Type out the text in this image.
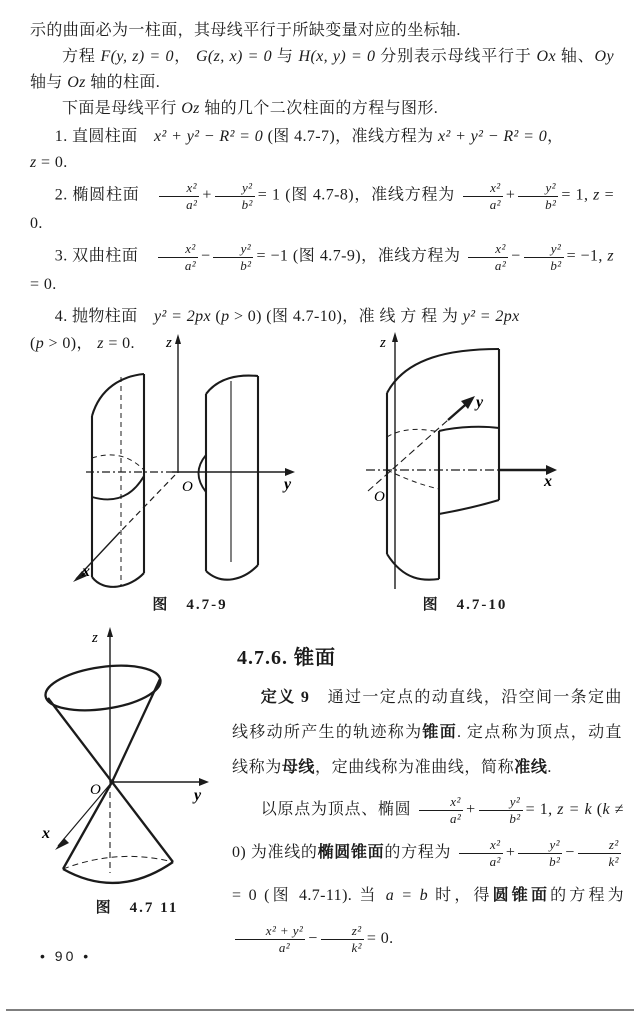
示的曲面必为一柱面，其母线平行于所缺变量对应的坐标轴.

方程 F(y, z) = 0， G(z, x) = 0 与 H(x, y) = 0 分别表示母线平行于 Ox 轴、Oy 轴与 Oz 轴的柱面.

下面是母线平行 Oz 轴的几个二次柱面的方程与图形.

1. 直圆柱面　x² + y² − R² = 0 (图 4.7-7)，准线方程为 x² + y² − R² = 0，

z = 0.

2. 椭圆柱面　 $\frac{\text{x²}}{\text{a²}} + \frac{\text{y²}}{\text{b²}} = 1$ (图 4.7-8)，准线方程为 $\frac{\text{x²}}{\text{a²}} + \frac{\text{y²}}{\text{b²}} = 1$, z = 0.

3. 双曲柱面　 $\frac{\text{x²}}{\text{a²}} - \frac{\text{y²}}{\text{b²}} = -1$ (图 4.7-9)，准线方程为 $\frac{\text{x²}}{\text{a²}} - \frac{\text{y²}}{\text{b²}} = -1$, z = 0.

4. 抛物柱面　y² = 2px (p > 0) (图 4.7-10)，准 线 方 程 为 y² = 2px

(p > 0)， z = 0.	z
y
x
O
图　4.7-9
z
x
y
O
图　4.7-10
z
y
x
O
图　4.7 11
4.7.6. 锥面
定义 9　通过一定点的动直线，沿空间一条定曲线移动所产生的轨迹称为锥面. 定点称为顶点，动直线称为母线，定曲线称为准曲线，简称准线.
以原点为顶点、椭圆 $\frac{\text{x²}}{\text{a²}} + \frac{\text{y²}}{\text{b²}} = 1$, z = k (k ≠ 0) 为准线的椭圆锥面的方程为 $\frac{\text{x²}}{\text{a²}} + \frac{\text{y²}}{\text{b²}} - \frac{\text{z²}}{\text{k²}}$
= 0 (图 4.7-11). 当 a = b 时，得圆锥面的方程为
$\frac{\text{x² + y²}}{\text{a²}} - \frac{\text{z²}}{\text{k²}} = 0$.
• 90 •
